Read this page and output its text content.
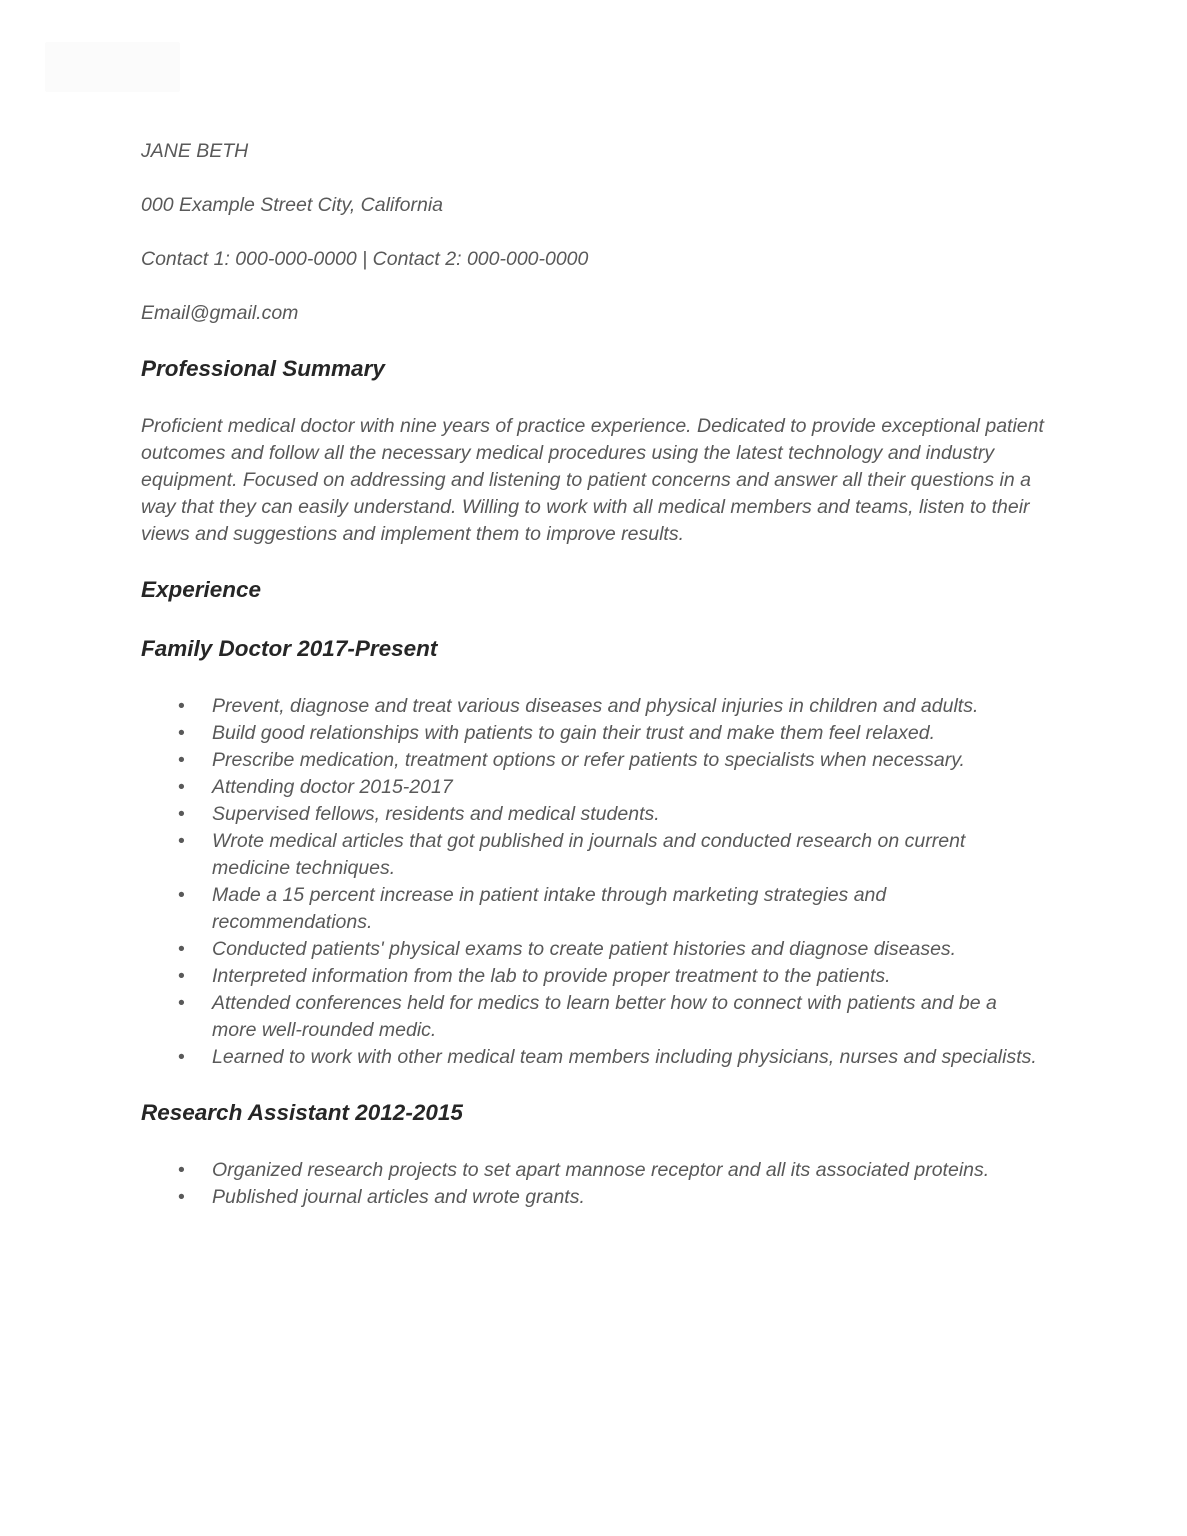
JANE BETH

000 Example Street City, California

Contact 1: 000-000-0000 | Contact 2: 000-000-0000

Email@gmail.com

Professional Summary

Proficient medical doctor with nine years of practice experience. Dedicated to provide exceptional patient outcomes and follow all the necessary medical procedures using the latest technology and industry equipment. Focused on addressing and listening to patient concerns and answer all their questions in a way that they can easily understand. Willing to work with all medical members and teams, listen to their views and suggestions and implement them to improve results.

Experience
Family Doctor 2017-Present
• Prevent, diagnose and treat various diseases and physical injuries in children and adults.
• Build good relationships with patients to gain their trust and make them feel relaxed.
• Prescribe medication, treatment options or refer patients to specialists when necessary.
• Attending doctor 2015-2017
• Supervised fellows, residents and medical students.
• Wrote medical articles that got published in journals and conducted research on current medicine techniques.
• Made a 15 percent increase in patient intake through marketing strategies and recommendations.
• Conducted patients' physical exams to create patient histories and diagnose diseases.
• Interpreted information from the lab to provide proper treatment to the patients.
• Attended conferences held for medics to learn better how to connect with patients and be a more well-rounded medic.
• Learned to work with other medical team members including physicians, nurses and specialists.
Research Assistant 2012-2015
• Organized research projects to set apart mannose receptor and all its associated proteins.
• Published journal articles and wrote grants.
